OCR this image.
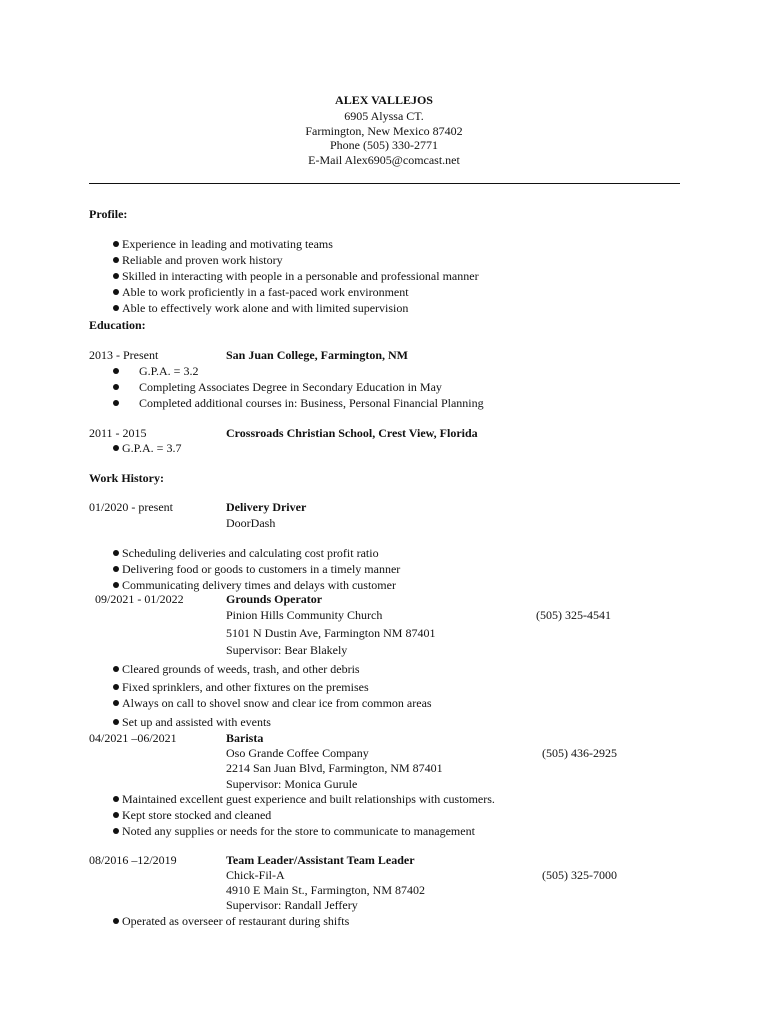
ALEX VALLEJOS
6905 Alyssa CT.
Farmington, New Mexico 87402
Phone (505) 330-2771
E-Mail Alex6905@comcast.net
Profile:
Experience in leading and motivating teams
Reliable and proven work history
Skilled in interacting with people in a personable and professional manner
Able to work proficiently in a fast-paced work environment
Able to effectively work alone and with limited supervision
Education:
2013 - Present	San Juan College, Farmington, NM
G.P.A. = 3.2
Completing Associates Degree in Secondary Education in May
Completed additional courses in: Business, Personal Financial Planning
2011 - 2015	Crossroads Christian School, Crest View, Florida
G.P.A. = 3.7
Work History:
01/2020 - present	Delivery Driver
DoorDash
Scheduling deliveries and calculating cost profit ratio
Delivering food or goods to customers in a timely manner
Communicating delivery times and delays with customer
09/2021 - 01/2022	Grounds Operator
Pinion Hills Community Church	(505) 325-4541
5101 N Dustin Ave, Farmington NM 87401
Supervisor: Bear Blakely
Cleared grounds of weeds, trash, and other debris
Fixed sprinklers, and other fixtures on the premises
Always on call to shovel snow and clear ice from common areas
Set up and assisted with events
04/2021 –06/2021	Barista
Oso Grande Coffee Company	(505) 436-2925
2214 San Juan Blvd, Farmington, NM 87401
Supervisor: Monica Gurule
Maintained excellent guest experience and built relationships with customers.
Kept store stocked and cleaned
Noted any supplies or needs for the store to communicate to management
08/2016 –12/2019	Team Leader/Assistant Team Leader
Chick-Fil-A	(505) 325-7000
4910 E Main St., Farmington, NM 87402
Supervisor: Randall Jeffery
Operated as overseer of restaurant during shifts
